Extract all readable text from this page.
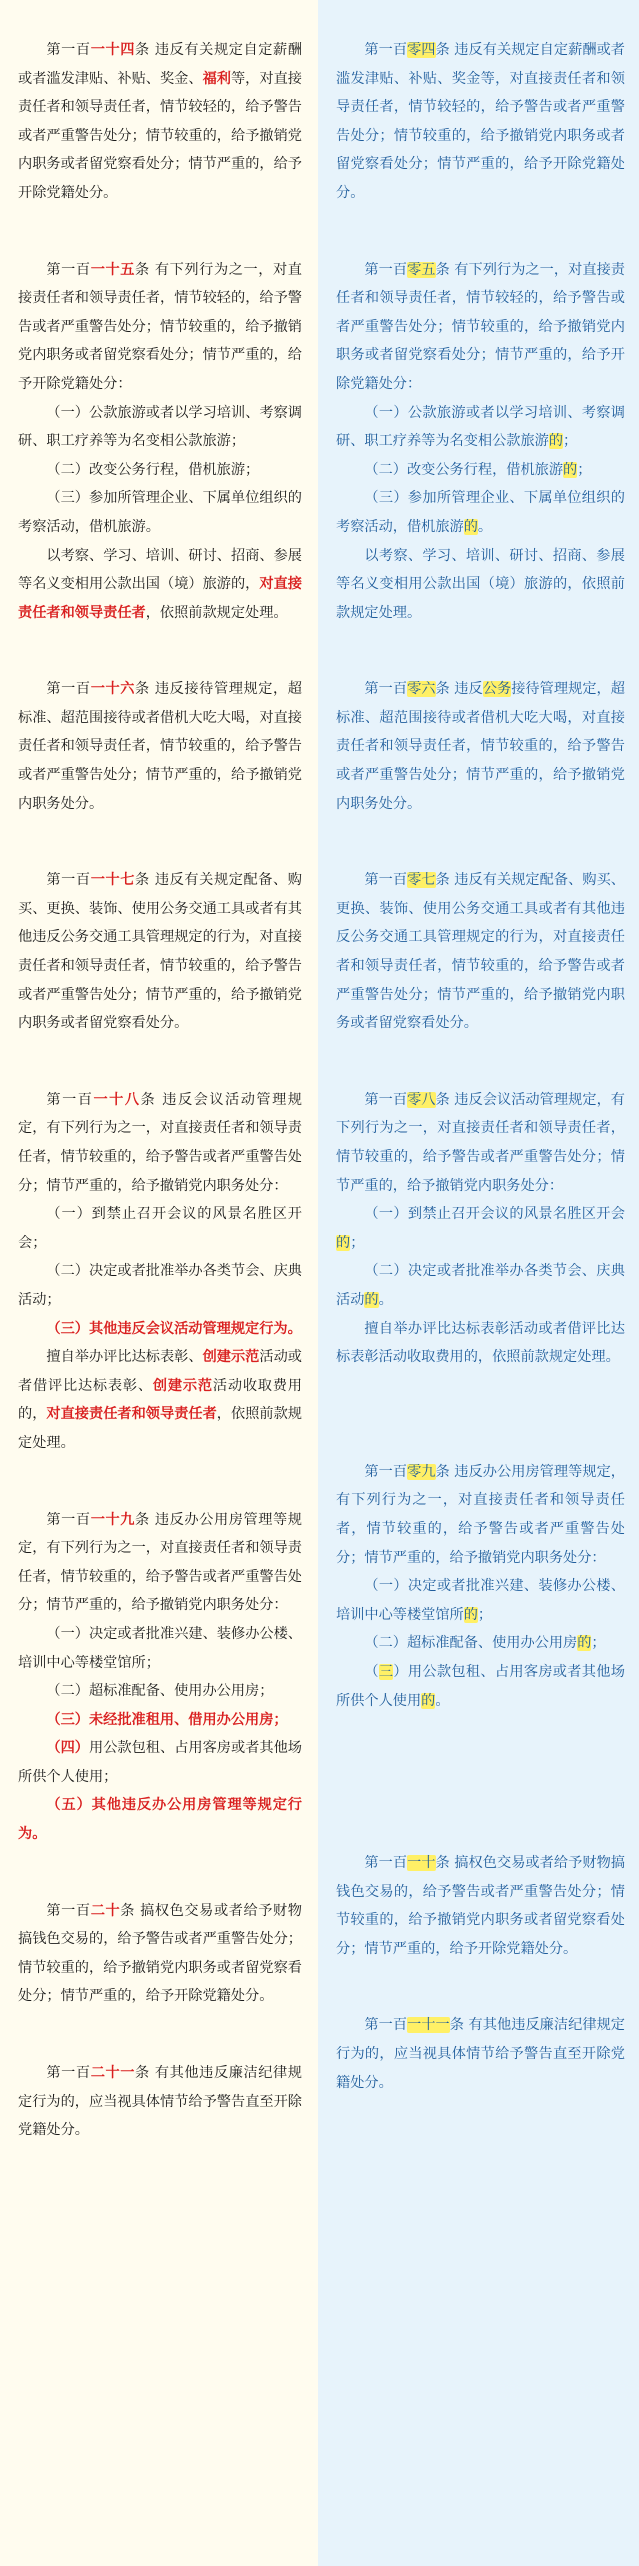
第一百一十四条 违反有关规定自定薪酬或者滥发津贴、补贴、奖金、福利等，对直接责任者和领导责任者，情节较轻的，给予警告或者严重警告处分；情节较重的，给予撤销党内职务或者留党察看处分；情节严重的，给予开除党籍处分。

第一百一十五条 有下列行为之一，对直接责任者和领导责任者，情节较轻的，给予警告或者严重警告处分；情节较重的，给予撤销党内职务或者留党察看处分；情节严重的，给予开除党籍处分：

（一）公款旅游或者以学习培训、考察调研、职工疗养等为名变相公款旅游；

（二）改变公务行程，借机旅游；

（三）参加所管理企业、下属单位组织的考察活动，借机旅游。

以考察、学习、培训、研讨、招商、参展等名义变相用公款出国（境）旅游的，对直接责任者和领导责任者，依照前款规定处理。

第一百一十六条 违反接待管理规定，超标准、超范围接待或者借机大吃大喝，对直接责任者和领导责任者，情节较重的，给予警告或者严重警告处分；情节严重的，给予撤销党内职务处分。

第一百一十七条 违反有关规定配备、购买、更换、装饰、使用公务交通工具或者有其他违反公务交通工具管理规定的行为，对直接责任者和领导责任者，情节较重的，给予警告或者严重警告处分；情节严重的，给予撤销党内职务或者留党察看处分。

第一百一十八条 违反会议活动管理规定，有下列行为之一，对直接责任者和领导责任者，情节较重的，给予警告或者严重警告处分；情节严重的，给予撤销党内职务处分：

（一）到禁止召开会议的风景名胜区开会；

（二）决定或者批准举办各类节会、庆典活动；

（三）其他违反会议活动管理规定行为。

擅自举办评比达标表彰、创建示范活动或者借评比达标表彰、创建示范活动收取费用的，对直接责任者和领导责任者，依照前款规定处理。

第一百一十九条 违反办公用房管理等规定，有下列行为之一，对直接责任者和领导责任者，情节较重的，给予警告或者严重警告处分；情节严重的，给予撤销党内职务处分：

（一）决定或者批准兴建、装修办公楼、培训中心等楼堂馆所；

（二）超标准配备、使用办公用房；

（三）未经批准租用、借用办公用房；

（四）用公款包租、占用客房或者其他场所供个人使用；

（五）其他违反办公用房管理等规定行为。

第一百二十条 搞权色交易或者给予财物搞钱色交易的，给予警告或者严重警告处分；情节较重的，给予撤销党内职务或者留党察看处分；情节严重的，给予开除党籍处分。

第一百二十一条 有其他违反廉洁纪律规定行为的，应当视具体情节给予警告直至开除党籍处分。

第一百零四条 违反有关规定自定薪酬或者滥发津贴、补贴、奖金等，对直接责任者和领导责任者，情节较轻的，给予警告或者严重警告处分；情节较重的，给予撤销党内职务或者留党察看处分；情节严重的，给予开除党籍处分。

第一百零五条 有下列行为之一，对直接责任者和领导责任者，情节较轻的，给予警告或者严重警告处分；情节较重的，给予撤销党内职务或者留党察看处分；情节严重的，给予开除党籍处分：

（一）公款旅游或者以学习培训、考察调研、职工疗养等为名变相公款旅游的；

（二）改变公务行程，借机旅游的；

（三）参加所管理企业、下属单位组织的考察活动，借机旅游的。

以考察、学习、培训、研讨、招商、参展等名义变相用公款出国（境）旅游的，依照前款规定处理。

第一百零六条 违反公务接待管理规定，超标准、超范围接待或者借机大吃大喝，对直接责任者和领导责任者，情节较重的，给予警告或者严重警告处分；情节严重的，给予撤销党内职务处分。

第一百零七条 违反有关规定配备、购买、更换、装饰、使用公务交通工具或者有其他违反公务交通工具管理规定的行为，对直接责任者和领导责任者，情节较重的，给予警告或者严重警告处分；情节严重的，给予撤销党内职务或者留党察看处分。

第一百零八条 违反会议活动管理规定，有下列行为之一，对直接责任者和领导责任者，情节较重的，给予警告或者严重警告处分；情节严重的，给予撤销党内职务处分：

（一）到禁止召开会议的风景名胜区开会的；

（二）决定或者批准举办各类节会、庆典活动的。

擅自举办评比达标表彰活动或者借评比达标表彰活动收取费用的，依照前款规定处理。

第一百零九条 违反办公用房管理等规定，有下列行为之一，对直接责任者和领导责任者，情节较重的，给予警告或者严重警告处分；情节严重的，给予撤销党内职务处分：

（一）决定或者批准兴建、装修办公楼、培训中心等楼堂馆所的；

（二）超标准配备、使用办公用房的；

（三）用公款包租、占用客房或者其他场所供个人使用的。

第一百一十条 搞权色交易或者给予财物搞钱色交易的，给予警告或者严重警告处分；情节较重的，给予撤销党内职务或者留党察看处分；情节严重的，给予开除党籍处分。

第一百一十一条 有其他违反廉洁纪律规定行为的，应当视具体情节给予警告直至开除党籍处分。
